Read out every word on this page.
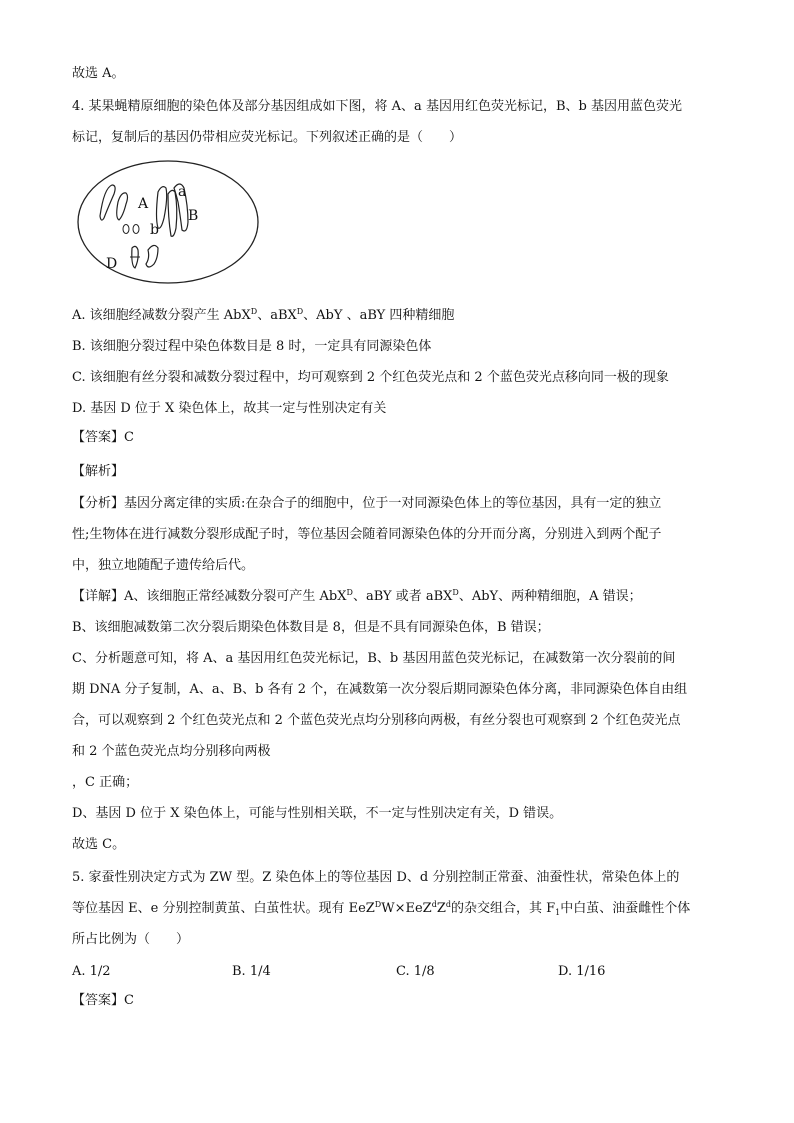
故选 A。
4. 某果蝇精原细胞的染色体及部分基因组成如下图，将 A、a 基因用红色荧光标记，B、b 基因用蓝色荧光
标记，复制后的基因仍带相应荧光标记。下列叙述正确的是（　　）
A
a
B
b
D
A. 该细胞经减数分裂产生 AbX$^D$、aBX$^D$、AbY 、aBY 四种精细胞
B. 该细胞分裂过程中染色体数目是 8 时，一定具有同源染色体
C. 该细胞有丝分裂和减数分裂过程中，均可观察到 2 个红色荧光点和 2 个蓝色荧光点移向同一极的现象
D. 基因 D 位于 X 染色体上，故其一定与性别决定有关
【答案】C
【解析】
【分析】基因分离定律的实质:在杂合子的细胞中，位于一对同源染色体上的等位基因，具有一定的独立
性;生物体在进行减数分裂形成配子时，等位基因会随着同源染色体的分开而分离，分别进入到两个配子
中，独立地随配子遗传给后代。
【详解】A、该细胞正常经减数分裂可产生 AbX$^D$、aBY 或者 aBX$^D$、AbY、两种精细胞，A 错误；
B、该细胞减数第二次分裂后期染色体数目是 8，但是不具有同源染色体，B 错误；
C、分析题意可知，将 A、a 基因用红色荧光标记，B、b 基因用蓝色荧光标记，在减数第一次分裂前的间
期 DNA 分子复制，A、a、B、b 各有 2 个，在减数第一次分裂后期同源染色体分离，非同源染色体自由组
合，可以观察到 2 个红色荧光点和 2 个蓝色荧光点均分别移向两极，有丝分裂也可观察到 2 个红色荧光点
和 2 个蓝色荧光点均分别移向两极
，C 正确；
D、基因 D 位于 X 染色体上，可能与性别相关联，不一定与性别决定有关，D 错误。
故选 C。
5. 家蚕性别决定方式为 ZW 型。Z 染色体上的等位基因 D、d 分别控制正常蚕、油蚕性状，常染色体上的
等位基因 E、e 分别控制黄茧、白茧性状。现有 $EeZ^DW\times EeZ^dZ^d$的杂交组合，其 $F_1$中白茧、油蚕雌性个体
所占比例为（　　）
A. 1/2	B. 1/4	C. 1/8	D. 1/16
【答案】C
